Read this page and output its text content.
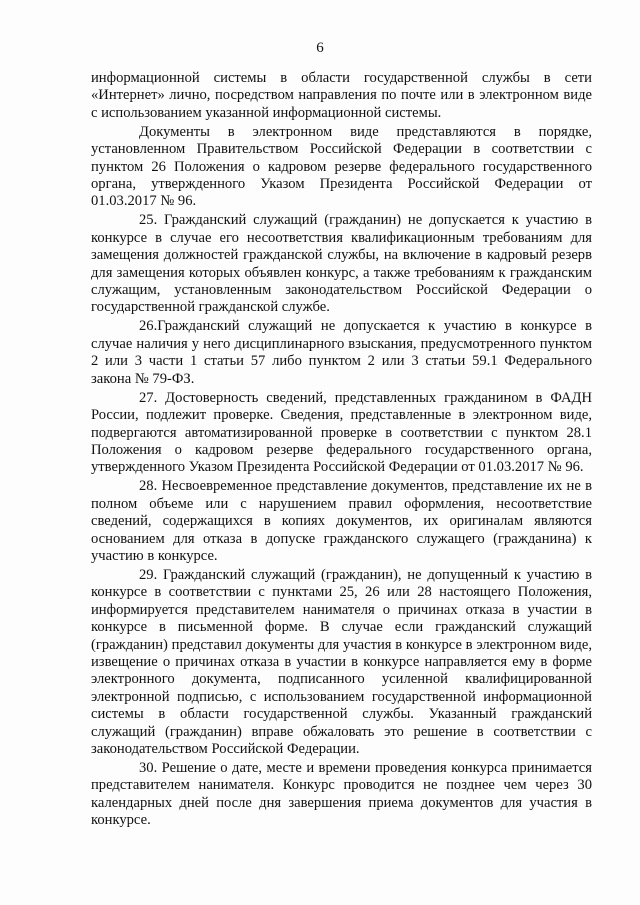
6

информационной системы в области государственной службы в сети «Интернет» лично, посредством направления по почте или в электронном виде с использованием указанной информационной системы.

Документы в электронном виде представляются в порядке, установленном Правительством Российской Федерации в соответствии с пунктом 26 Положения о кадровом резерве федерального государственного органа, утвержденного Указом Президента Российской Федерации от 01.03.2017 № 96.

25. Гражданский служащий (гражданин) не допускается к участию в конкурсе в случае его несоответствия квалификационным требованиям для замещения должностей гражданской службы, на включение в кадровый резерв для замещения которых объявлен конкурс, а также требованиям к гражданским служащим, установленным законодательством Российской Федерации о государственной гражданской службе.

26.Гражданский служащий не допускается к участию в конкурсе в случае наличия у него дисциплинарного взыскания, предусмотренного пунктом 2 или 3 части 1 статьи 57 либо пунктом 2 или 3 статьи 59.1 Федерального закона № 79-ФЗ.

27. Достоверность сведений, представленных гражданином в ФАДН России, подлежит проверке. Сведения, представленные в электронном виде, подвергаются автоматизированной проверке в соответствии с пунктом 28.1 Положения о кадровом резерве федерального государственного органа, утвержденного Указом Президента Российской Федерации от 01.03.2017 № 96.

28. Несвоевременное представление документов, представление их не в полном объеме или с нарушением правил оформления, несоответствие сведений, содержащихся в копиях документов, их оригиналам являются основанием для отказа в допуске гражданского служащего (гражданина) к участию в конкурсе.

29. Гражданский служащий (гражданин), не допущенный к участию в конкурсе в соответствии с пунктами 25, 26 или 28 настоящего Положения, информируется представителем нанимателя о причинах отказа в участии в конкурсе в письменной форме. В случае если гражданский служащий (гражданин) представил документы для участия в конкурсе в электронном виде, извещение о причинах отказа в участии в конкурсе направляется ему в форме электронного документа, подписанного усиленной квалифицированной электронной подписью, с использованием государственной информационной системы в области государственной службы. Указанный гражданский служащий (гражданин) вправе обжаловать это решение в соответствии с законодательством Российской Федерации.

30. Решение о дате, месте и времени проведения конкурса принимается представителем нанимателя. Конкурс проводится не позднее чем через 30 календарных дней после дня завершения приема документов для участия в конкурсе.
